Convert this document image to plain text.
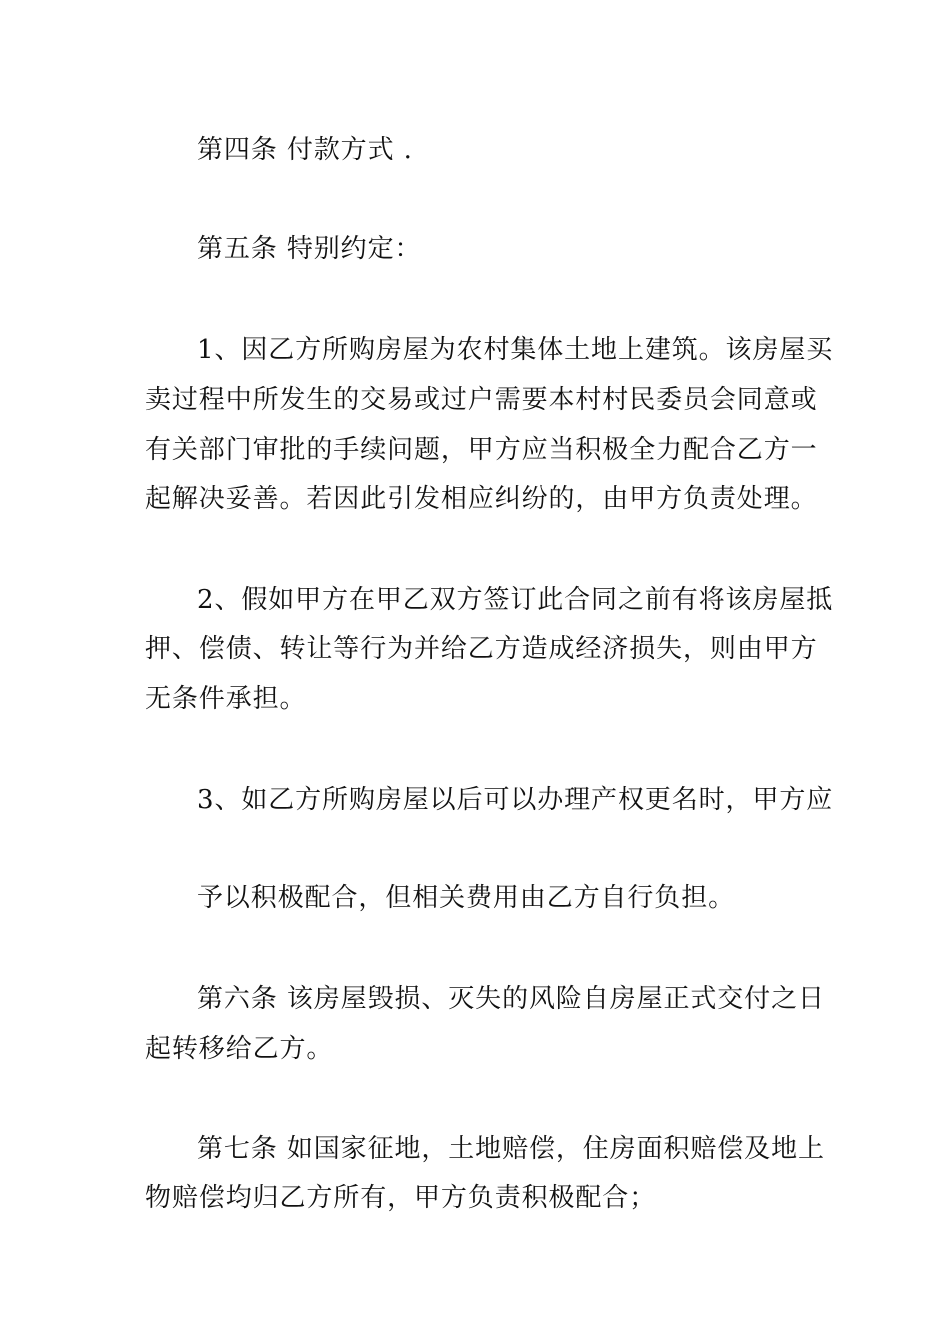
第四条 付款方式 .
第五条 特别约定：
1、因乙方所购房屋为农村集体土地上建筑。该房屋买
卖过程中所发生的交易或过户需要本村村民委员会同意或
有关部门审批的手续问题，甲方应当积极全力配合乙方一
起解决妥善。若因此引发相应纠纷的，由甲方负责处理。
2、假如甲方在甲乙双方签订此合同之前有将该房屋抵
押、偿债、转让等行为并给乙方造成经济损失，则由甲方
无条件承担。
3、如乙方所购房屋以后可以办理产权更名时，甲方应
予以积极配合，但相关费用由乙方自行负担。
第六条 该房屋毁损、灭失的风险自房屋正式交付之日
起转移给乙方。
第七条 如国家征地，土地赔偿，住房面积赔偿及地上
物赔偿均归乙方所有，甲方负责积极配合；
